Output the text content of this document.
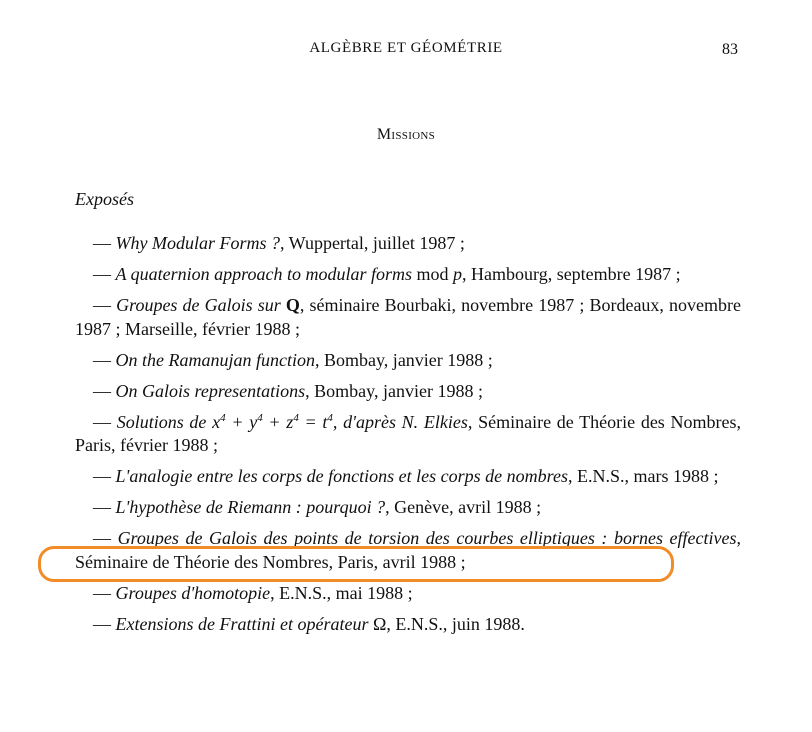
ALGÈBRE ET GÉOMÉTRIE	83
Missions
Exposés

— Why Modular Forms ?, Wuppertal, juillet 1987 ;

— A quaternion approach to modular forms mod p, Hambourg, septembre 1987 ;

— Groupes de Galois sur Q, séminaire Bourbaki, novembre 1987 ; Bordeaux, novembre 1987 ; Marseille, février 1988 ;

— On the Ramanujan function, Bombay, janvier 1988 ;

— On Galois representations, Bombay, janvier 1988 ;

— Solutions de $x^4 + y^4 + z^4 = t^4$, d'après N. Elkies, Séminaire de Théorie des Nombres, Paris, février 1988 ;

— L'analogie entre les corps de fonctions et les corps de nombres, E.N.S., mars 1988 ;

— L'hypothèse de Riemann : pourquoi ?, Genève, avril 1988 ;

— Groupes de Galois des points de torsion des courbes elliptiques : bornes effectives, Séminaire de Théorie des Nombres, Paris, avril 1988 ;

— Groupes d'homotopie, E.N.S., mai 1988 ;

— Extensions de Frattini et opérateur Ω, E.N.S., juin 1988.
